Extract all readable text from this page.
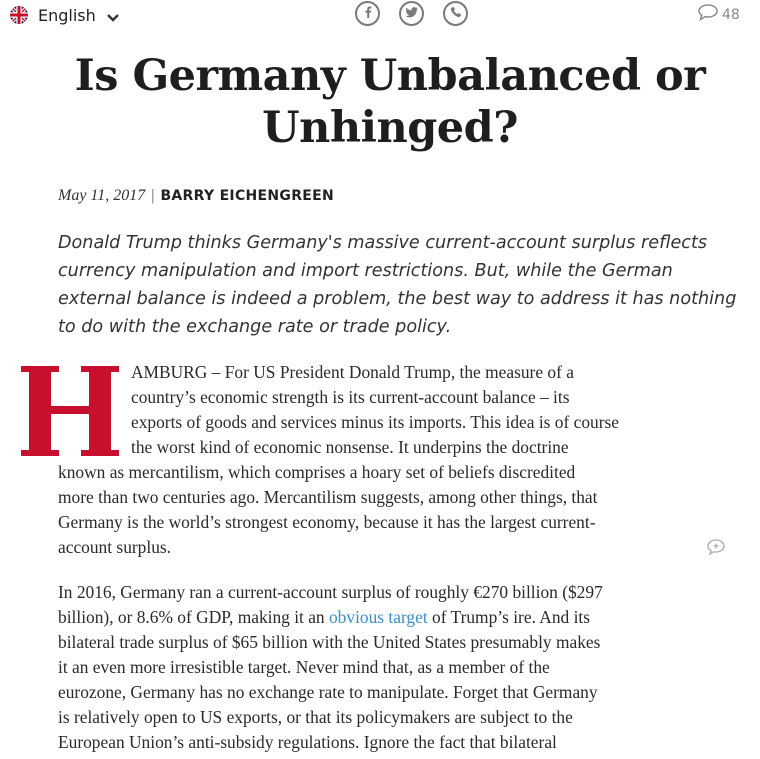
English	48
Is Germany Unbalanced or Unhinged?
May 11, 2017 | BARRY EICHENGREEN

Donald Trump thinks Germany's massive current-account surplus reflects currency manipulation and import restrictions. But, while the German external balance is indeed a problem, the best way to address it has nothing to do with the exchange rate or trade policy.

AMBURG – For US President Donald Trump, the measure of a
country’s economic strength is its current-account balance – its
exports of goods and services minus its imports. This idea is of course
the worst kind of economic nonsense. It underpins the doctrine
known as mercantilism, which comprises a hoary set of beliefs discredited
more than two centuries ago. Mercantilism suggests, among other things, that
Germany is the world’s strongest economy, because it has the largest current-
account surplus.
In 2016, Germany ran a current-account surplus of roughly €270 billion ($297
billion), or 8.6% of GDP, making it an obvious target of Trump’s ire. And its
bilateral trade surplus of $65 billion with the United States presumably makes
it an even more irresistible target. Never mind that, as a member of the
eurozone, Germany has no exchange rate to manipulate. Forget that Germany
is relatively open to US exports, or that its policymakers are subject to the
European Union’s anti-subsidy regulations. Ignore the fact that bilateral
